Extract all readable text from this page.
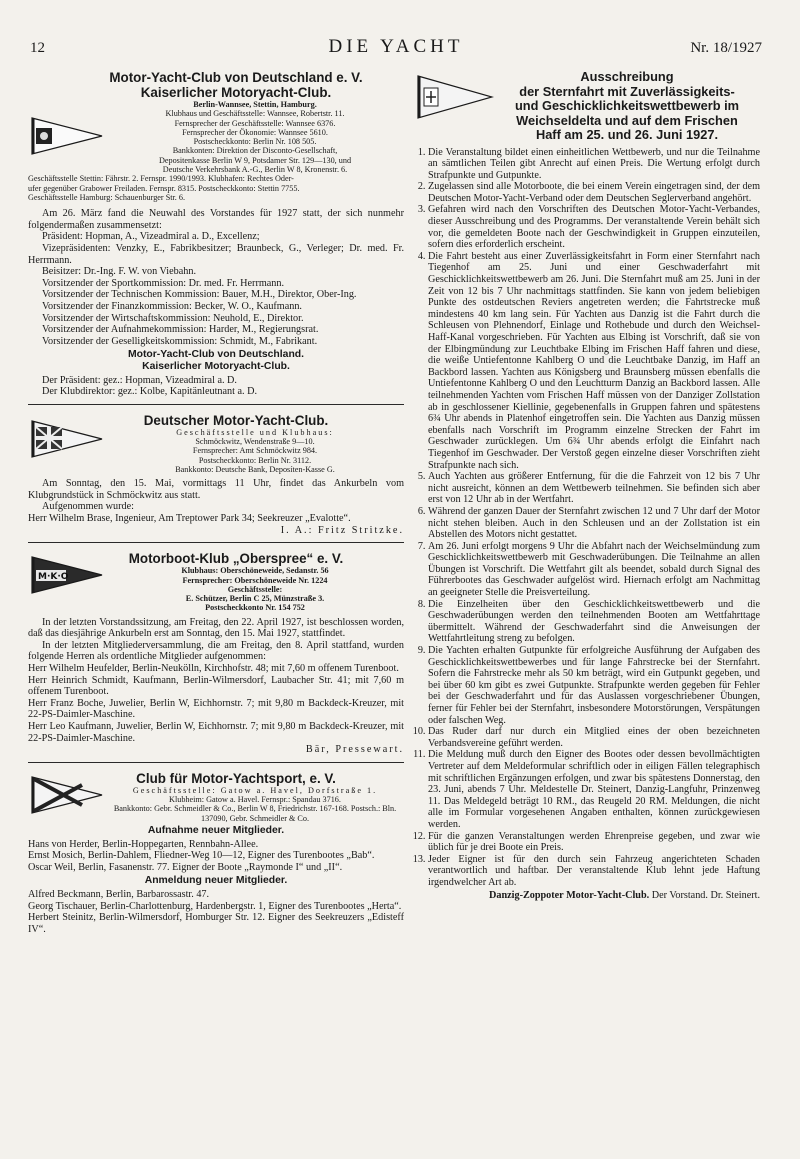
12	DIE YACHT	Nr. 18/1927
Motor-Yacht-Club von Deutschland e. V.
Kaiserlicher Motoryacht-Club.
Berlin-Wannsee, Stettin, Hamburg.
Klubhaus und Geschäftsstelle: Wannsee, Robertstr. 11.
Fernsprecher der Geschäftsstelle: Wannsee 6376.
Fernsprecher der Ökonomie: Wannsee 5610.
Postscheckkonto: Berlin Nr. 108 505.
Bankkonten: Direktion der Disconto-Gesellschaft,
Depositenkasse Berlin W 9, Potsdamer Str. 129—130, und
Deutsche Verkehrsbank A.-G., Berlin W 8, Kronenstr. 6.
Geschäftsstelle Stettin: Fährstr. 2. Fernspr. 1990/1993. Klubhafen: Rechtes Oder-
ufer gegenüber Grabower Freiladen. Fernspr. 8315. Postscheckkonto: Stettin 7755.
Geschäftsstelle Hamburg: Schauenburger Str. 6.

Am 26. März fand die Neuwahl des Vorstandes für 1927 statt, der sich nunmehr folgendermaßen zusammensetzt:

Präsident: Hopman, A., Vizeadmiral a. D., Excellenz;

Vizepräsidenten: Venzky, E., Fabrikbesitzer; Braunbeck, G., Verleger; Dr. med. Fr. Herrmann.

Beisitzer: Dr.-Ing. F. W. von Viebahn.

Vorsitzender der Sportkommission: Dr. med. Fr. Herrmann.

Vorsitzender der Technischen Kommission: Bauer, M.H., Direktor, Ober-Ing.

Vorsitzender der Finanzkommission: Becker, W. O., Kaufmann.

Vorsitzender der Wirtschaftskommission: Neuhold, E., Direktor.

Vorsitzender der Aufnahmekommission: Harder, M., Regierungsrat.

Vorsitzender der Geselligkeitskommission: Schmidt, M., Fabrikant.

Motor-Yacht-Club von Deutschland.
Kaiserlicher Motoryacht-Club.

Der Präsident: gez.: Hopman, Vizeadmiral a. D.

Der Klubdirektor: gez.: Kolbe, Kapitänleutnant a. D.

Deutscher Motor-Yacht-Club.
Geschäftsstelle und Klubhaus:
Schmöckwitz, Wendenstraße 9—10.
Fernsprecher: Amt Schmöckwitz 984.
Postscheckkonto: Berlin Nr. 3112.
Bankkonto: Deutsche Bank, Deposíten-Kasse G.

Am Sonntag, den 15. Mai, vormittags 11 Uhr, findet das Ankurbeln vom Klubgrundstück in Schmöckwitz aus statt.

Aufgenommen wurde:

Herr Wilhelm Brase, Ingenieur, Am Treptower Park 34; Seekreuzer „Evalotte“.

I. A.: Fritz Stritzke.

M·K·O
Motorboot-Klub „Oberspree“ e. V.
Klubhaus: Oberschöneweide, Sedanstr. 56
Fernsprecher: Oberschöneweide Nr. 1224
Geschäftsstelle:
E. Schützer, Berlin C 25, Münzstraße 3.
Postscheckkonto Nr. 154 752

In der letzten Vorstandssitzung, am Freitag, den 22. April 1927, ist beschlossen worden, daß das diesjährige Ankurbeln erst am Sonntag, den 15. Mai 1927, stattfindet.

In der letzten Mitgliederversammlung, die am Freitag, den 8. April stattfand, wurden folgende Herren als ordentliche Mitglieder aufgenommen:

Herr Wilhelm Heufelder, Berlin-Neukölln, Kirchhofstr. 48; mit 7,60 m offenem Turenboot.

Herr Heinrich Schmidt, Kaufmann, Berlin-Wilmersdorf, Laubacher Str. 41; mit 7,60 m offenem Turenboot.

Herr Franz Boche, Juwelier, Berlin W, Eichhornstr. 7; mit 9,80 m Backdeck-Kreuzer, mit 22-PS-Daimler-Maschine.

Herr Leo Kaufmann, Juwelier, Berlin W, Eichhornstr. 7; mit 9,80 m Backdeck-Kreuzer, mit 22-PS-Daimler-Maschine.

Bär, Pressewart.

Club für Motor-Yachtsport, e. V.
Geschäftsstelle: Gatow a. Havel, Dorfstraße 1.
Klubheim: Gatow a. Havel. Fernspr.: Spandau 3716.
Bankkonto: Gebr. Schmeidler & Co., Berlin W 8, Friedrichstr. 167-168. Postsch.: Bln. 137090, Gebr. Schmeidler & Co.
Aufnahme neuer Mitglieder.

Hans von Herder, Berlin-Hoppegarten, Rennbahn-Allee.

Ernst Mosich, Berlin-Dahlem, Fliedner-Weg 10—12, Eigner des Turenbootes „Bab“.

Oscar Weil, Berlin, Fasanenstr. 77. Eigner der Boote „Raymonde I“ und „II“.

Anmeldung neuer Mitglieder.

Alfred Beckmann, Berlin, Barbarossastr. 47.

Georg Tischauer, Berlin-Charlottenburg, Hardenbergstr. 1, Eigner des Turenbootes „Herta“.

Herbert Steinitz, Berlin-Wilmersdorf, Homburger Str. 12. Eigner des Seekreuzers „Edisteff IV“.

Ausschreibung
der Sternfahrt mit Zuverlässigkeits-
und Geschicklichkeitswettbewerb im
Weichseldelta und auf dem Frischen
Haff am 25. und 26. Juni 1927.
1. Die Veranstaltung bildet einen einheitlichen Wettbewerb, und nur die Teilnahme an sämtlichen Teilen gibt Anrecht auf einen Preis. Die Wertung erfolgt durch Strafpunkte und Gutpunkte.
2. Zugelassen sind alle Motorboote, die bei einem Verein eingetragen sind, der dem Deutschen Motor-Yacht-Verband oder dem Deutschen Seglerverband angehört.
3. Gefahren wird nach den Vorschriften des Deutschen Motor-Yacht-Verbandes, dieser Ausschreibung und des Programms. Der veranstaltende Verein behält sich vor, die gemeldeten Boote nach der Geschwindigkeit in Gruppen einzuteilen, sofern dies erforderlich erscheint.
4. Die Fahrt besteht aus einer Zuverlässigkeitsfahrt in Form einer Sternfahrt nach Tiegenhof am 25. Juni und einer Geschwaderfahrt mit Geschicklichkeitswettbewerb am 26. Juni. Die Sternfahrt muß am 25. Juni in der Zeit von 12 bis 7 Uhr nachmittags stattfinden. Sie kann von jedem beliebigen Punkte des ostdeutschen Reviers angetreten werden; die Fahrtstrecke muß mindestens 40 km lang sein. Für Yachten aus Danzig ist die Fahrt durch die Schleusen von Plehnendorf, Einlage und Rothebude und durch den Weichsel-Haff-Kanal vorgeschrieben. Für Yachten aus Elbing ist Vorschrift, daß sie von der Elbingmündung zur Leuchtbake Elbing im Frischen Haff fahren und diese, die weiße Untiefentonne Kahlberg O und die Leuchtbake Danzig, im Haff an Backbord lassen. Yachten aus Königsberg und Braunsberg müssen ebenfalls die Untiefentonne Kahlberg O und den Leuchtturm Danzig an Backbord lassen. Alle teilnehmenden Yachten vom Frischen Haff müssen von der Danziger Zollstation ab in geschlossener Kiellinie, gegebenenfalls in Gruppen fahren und spätestens 6¾ Uhr abends in Platenhof eingetroffen sein. Die Yachten aus Danzig müssen ebenfalls nach Vorschrift im Programm einzelne Strecken der Fahrt im Geschwader zurücklegen. Um 6¾ Uhr abends erfolgt die Einfahrt nach Tiegenhof im Geschwader. Der Verstoß gegen einzelne dieser Vorschriften zieht Strafpunkte nach sich.
5. Auch Yachten aus größerer Entfernung, für die die Fahrzeit von 12 bis 7 Uhr nicht ausreicht, können an dem Wettbewerb teilnehmen. Sie befinden sich aber erst von 12 Uhr ab in der Wertfahrt.
6. Während der ganzen Dauer der Sternfahrt zwischen 12 und 7 Uhr darf der Motor nicht stehen bleiben. Auch in den Schleusen und an der Zollstation ist ein Abstellen des Motors nicht gestattet.
7. Am 26. Juni erfolgt morgens 9 Uhr die Abfahrt nach der Weichselmündung zum Geschicklichkeitswettbewerb mit Geschwaderübungen. Die Teilnahme an allen Übungen ist Vorschrift. Die Wettfahrt gilt als beendet, sobald durch Signal des Führerbootes das Geschwader aufgelöst wird. Hiernach erfolgt am Nachmittag an geeigneter Stelle die Preisverteilung.
8. Die Einzelheiten über den Geschicklichkeitswettbewerb und die Geschwaderübungen werden den teilnehmenden Booten am Wettfahrttage übermittelt. Während der Geschwaderfahrt sind die Anweisungen der Wettfahrtleitung streng zu befolgen.
9. Die Yachten erhalten Gutpunkte für erfolgreiche Ausführung der Aufgaben des Geschicklichkeitswettbewerbes und für lange Fahrstrecke bei der Sternfahrt. Sofern die Fahrstrecke mehr als 50 km beträgt, wird ein Gutpunkt gegeben, und bei über 60 km gibt es zwei Gutpunkte. Strafpunkte werden gegeben für Fehler bei der Geschwaderfahrt und für das Auslassen vorgeschriebener Übungen, ferner für Fehler bei der Sternfahrt, insbesondere Motorstörungen, Verspätungen oder falschen Weg.
10. Das Ruder darf nur durch ein Mitglied eines der oben bezeichneten Verbandsvereine geführt werden.
11. Die Meldung muß durch den Eigner des Bootes oder dessen bevollmächtigten Vertreter auf dem Meldeformular schriftlich oder in eiligen Fällen telegraphisch mit schriftlichen Ergänzungen erfolgen, und zwar bis spätestens Donnerstag, den 23. Juni, abends 7 Uhr. Meldestelle Dr. Steinert, Danzig-Langfuhr, Prinzenweg 11. Das Meldegeld beträgt 10 RM., das Reugeld 20 RM. Meldungen, die nicht alle im Formular vorgesehenen Angaben enthalten, können zurückgewiesen werden.
12. Für die ganzen Veranstaltungen werden Ehrenpreise gegeben, und zwar wie üblich für je drei Boote ein Preis.
13. Jeder Eigner ist für den durch sein Fahrzeug angerichteten Schaden verantwortlich und haftbar. Der veranstaltende Klub lehnt jede Haftung irgendwelcher Art ab.
Danzig-Zoppoter Motor-Yacht-Club. Der Vorstand. Dr. Steinert.
